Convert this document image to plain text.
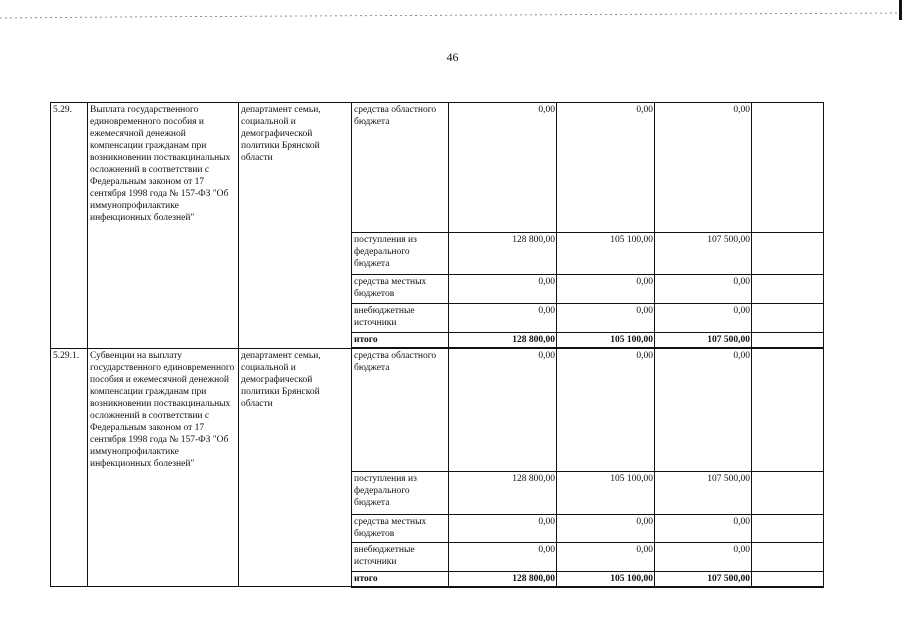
46
5.29.	Выплата государственного единовременного пособия и ежемесячной денежной компенсации гражданам при возникновении поствакцинальных осложнений в соответствии с Федеральным законом от 17 сентября 1998 года № 157-ФЗ "Об иммунопрофилактике инфекционных болезней"	департамент семьи, социальной и демографической политики Брянской области	средства областного бюджета	0,00	0,00	0,00	
			поступления из федерального бюджета	128 800,00	105 100,00	107 500,00	
			средства местных бюджетов	0,00	0,00	0,00	
			внебюджетные источники	0,00	0,00	0,00	
			итого	128 800,00	105 100,00	107 500,00	
5.29.1.	Субвенции на выплату государственного единовременного пособия и ежемесячной денежной компенсации гражданам при возникновении поствакцинальных осложнений в соответствии с Федеральным законом от 17 сентября 1998 года № 157-ФЗ "Об иммунопрофилактике инфекционных болезней"	департамент семьи, социальной и демографической политики Брянской области	средства областного бюджета	0,00	0,00	0,00	
			поступления из федерального бюджета	128 800,00	105 100,00	107 500,00	
			средства местных бюджетов	0,00	0,00	0,00	
			внебюджетные источники	0,00	0,00	0,00	
			итого	128 800,00	105 100,00	107 500,00	
